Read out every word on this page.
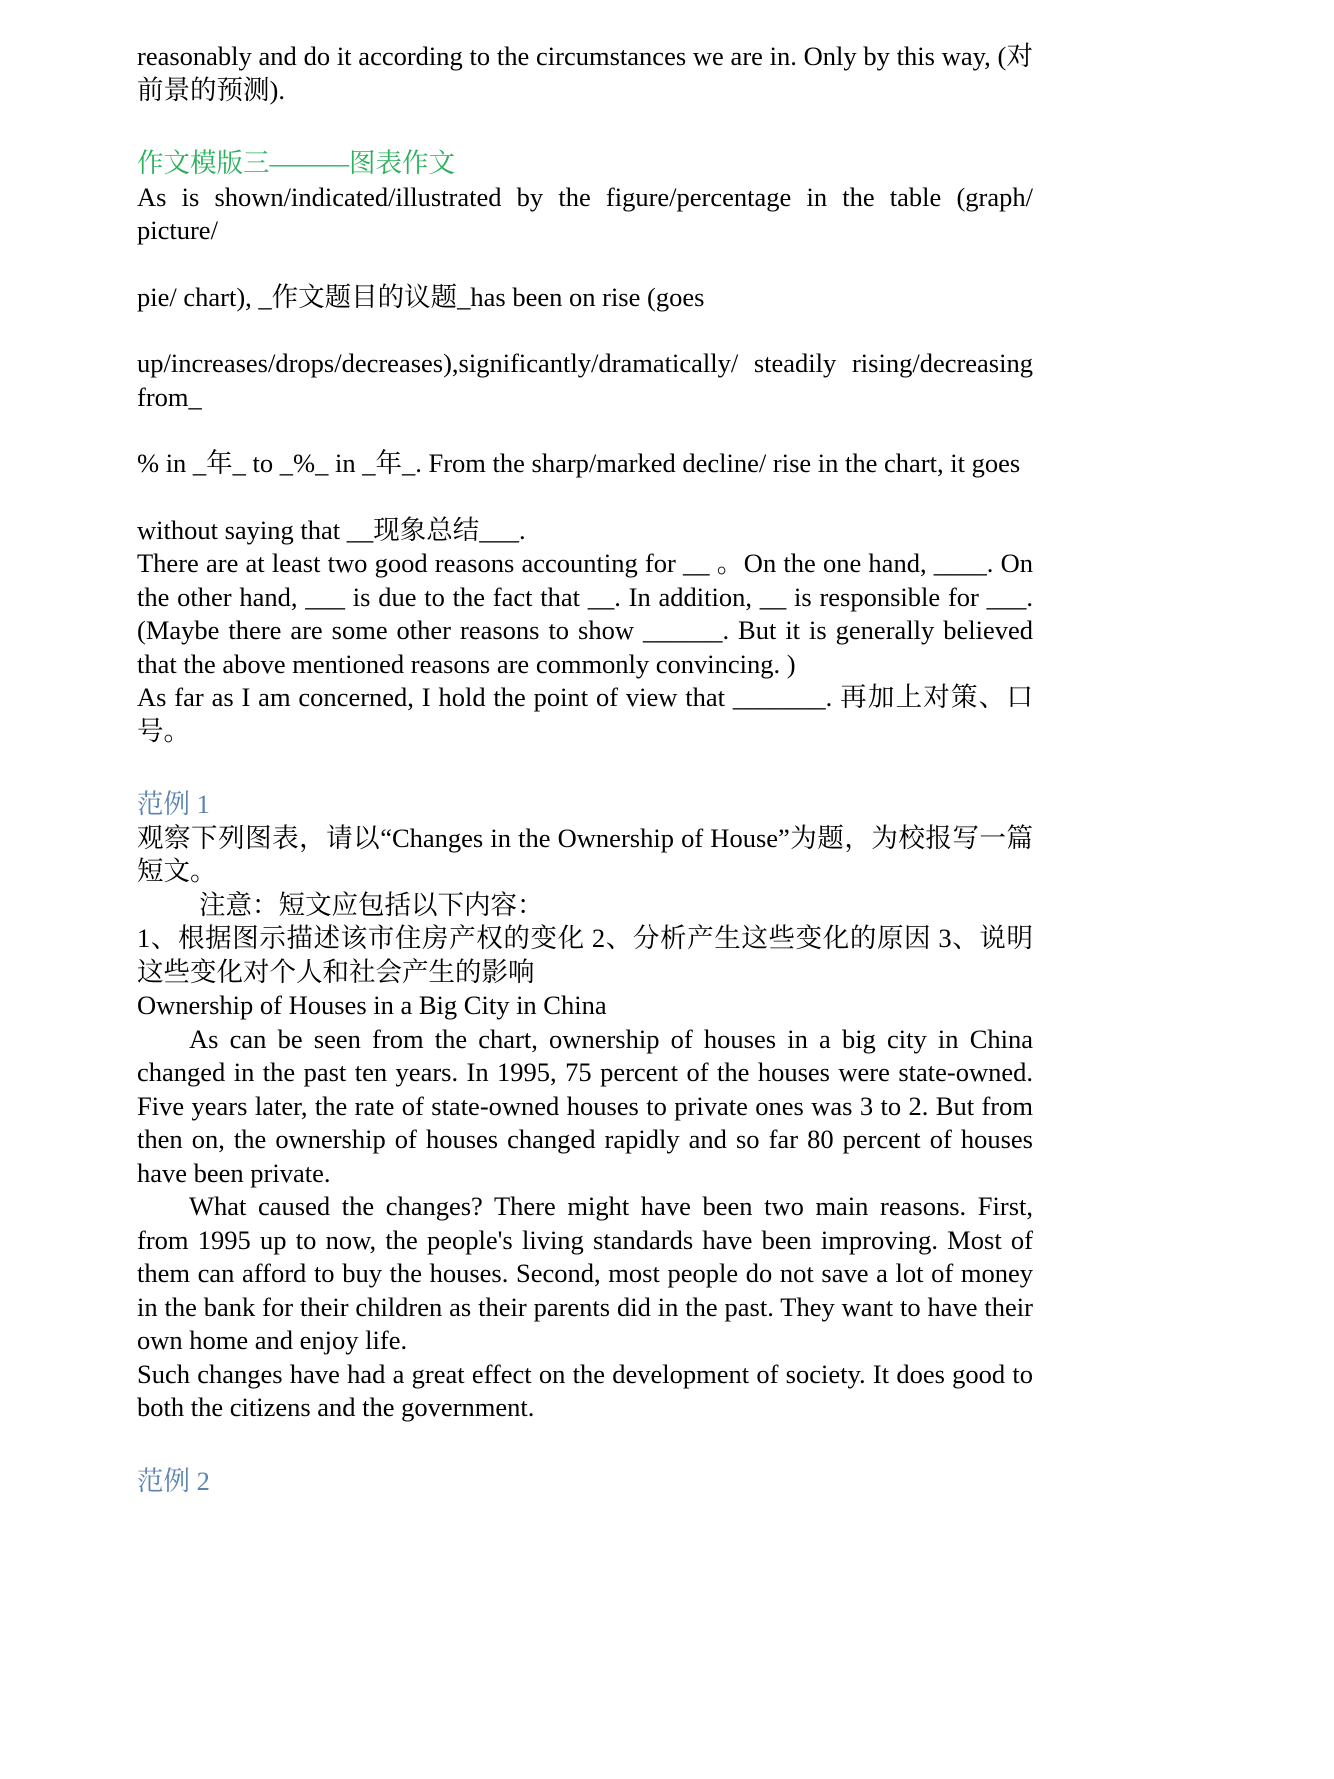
reasonably and do it according to the circumstances we are in. Only by this way, (对前景的预测).

作文模版三———图表作文

As is shown/indicated/illustrated by the figure/percentage in the table (graph/ picture/

pie/ chart), _作文题目的议题_has been on rise (goes

up/increases/drops/decreases),significantly/dramatically/ steadily rising/decreasing from_

% in _年_ to _%_ in _年_. From the sharp/marked decline/ rise in the chart, it goes

without saying that __现象总结___.

There are at least two good reasons accounting for __ 。On the one hand, ____. On the other hand, ___ is due to the fact that __. In addition, __ is responsible for ___. (Maybe there are some other reasons to show ______. But it is generally believed that the above mentioned reasons are commonly convincing. )

As far as I am concerned, I hold the point of view that _______. 再加上对策、口号。

范例 1

观察下列图表，请以“Changes in the Ownership of House”为题，为校报写一篇短文。

注意：短文应包括以下内容：

1、根据图示描述该市住房产权的变化 2、分析产生这些变化的原因 3、说明这些变化对个人和社会产生的影响

Ownership of Houses in a Big City in China

As can be seen from the chart, ownership of houses in a big city in China changed in the past ten years. In 1995, 75 percent of the houses were state-owned. Five years later, the rate of state-owned houses to private ones was 3 to 2. But from then on, the ownership of houses changed rapidly and so far 80 percent of houses have been private.

What caused the changes? There might have been two main reasons. First, from 1995 up to now, the people's living standards have been improving. Most of them can afford to buy the houses. Second, most people do not save a lot of money in the bank for their children as their parents did in the past. They want to have their own home and enjoy life.

Such changes have had a great effect on the development of society. It does good to both the citizens and the government.

范例 2
